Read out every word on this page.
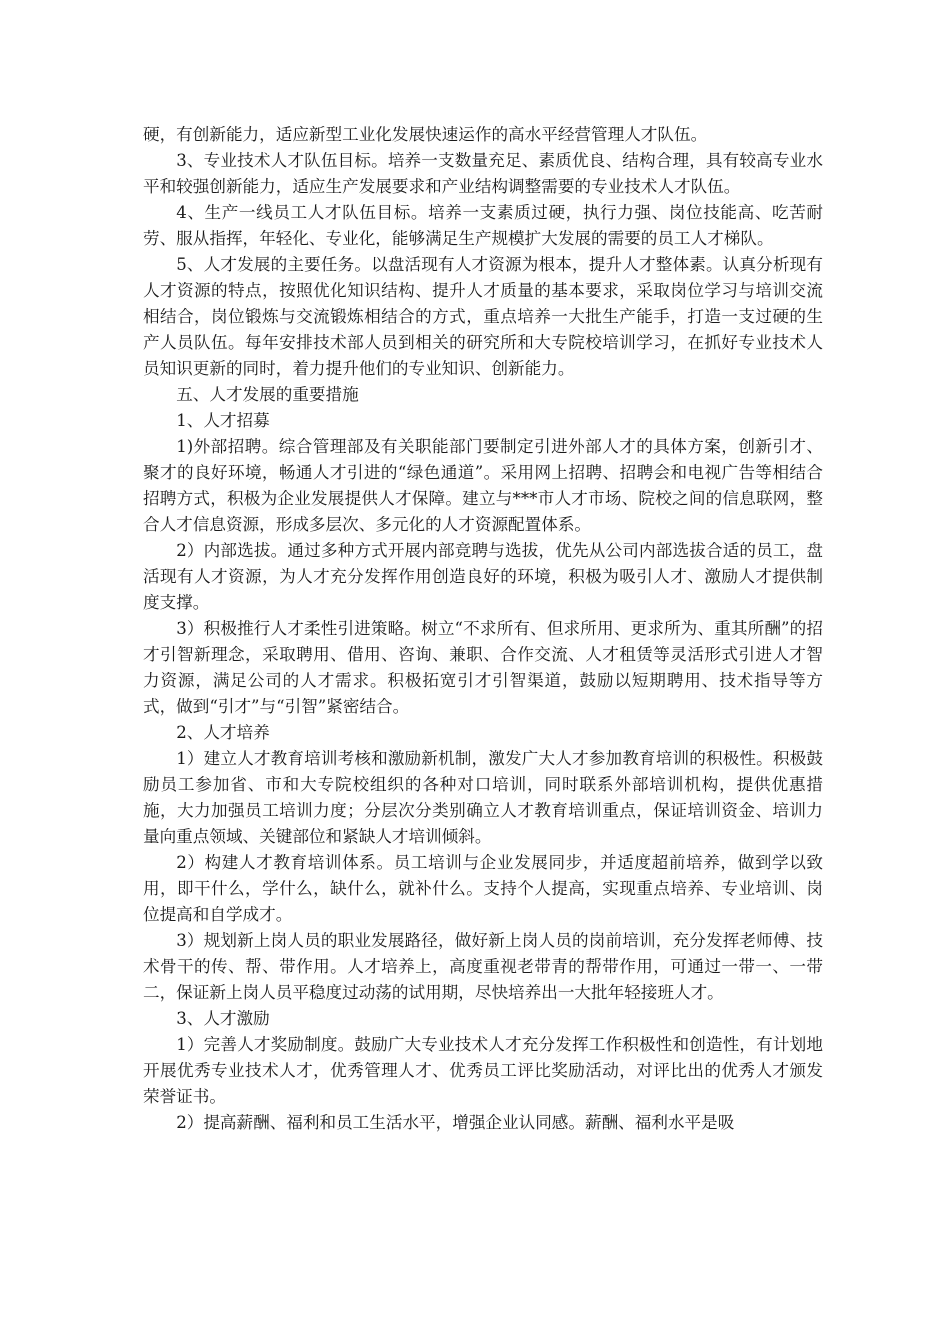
硬，有创新能力，适应新型工业化发展快速运作的高水平经营管理人才队伍。

3、专业技术人才队伍目标。培养一支数量充足、素质优良、结构合理，具有较高专业水平和较强创新能力，适应生产发展要求和产业结构调整需要的专业技术人才队伍。

4、生产一线员工人才队伍目标。培养一支素质过硬，执行力强、岗位技能高、吃苦耐劳、服从指挥，年轻化、专业化，能够满足生产规模扩大发展的需要的员工人才梯队。

5、人才发展的主要任务。以盘活现有人才资源为根本，提升人才整体素。认真分析现有人才资源的特点，按照优化知识结构、提升人才质量的基本要求，采取岗位学习与培训交流相结合，岗位锻炼与交流锻炼相结合的方式，重点培养一大批生产能手，打造一支过硬的生产人员队伍。每年安排技术部人员到相关的研究所和大专院校培训学习，在抓好专业技术人员知识更新的同时，着力提升他们的专业知识、创新能力。

五、人才发展的重要措施

1、人才招募

1)外部招聘。综合管理部及有关职能部门要制定引进外部人才的具体方案，创新引才、聚才的良好环境，畅通人才引进的“绿色通道”。采用网上招聘、招聘会和电视广告等相结合招聘方式，积极为企业发展提供人才保障。建立与***市人才市场、院校之间的信息联网，整合人才信息资源，形成多层次、多元化的人才资源配置体系。

2）内部选拔。通过多种方式开展内部竞聘与选拔，优先从公司内部选拔合适的员工，盘活现有人才资源，为人才充分发挥作用创造良好的环境，积极为吸引人才、激励人才提供制度支撑。

3）积极推行人才柔性引进策略。树立“不求所有、但求所用、更求所为、重其所酬”的招才引智新理念，采取聘用、借用、咨询、兼职、合作交流、人才租赁等灵活形式引进人才智力资源，满足公司的人才需求。积极拓宽引才引智渠道，鼓励以短期聘用、技术指导等方式，做到“引才”与“引智”紧密结合。

2、人才培养

1）建立人才教育培训考核和激励新机制，激发广大人才参加教育培训的积极性。积极鼓励员工参加省、市和大专院校组织的各种对口培训，同时联系外部培训机构，提供优惠措施，大力加强员工培训力度；分层次分类别确立人才教育培训重点，保证培训资金、培训力量向重点领域、关键部位和紧缺人才培训倾斜。

2）构建人才教育培训体系。员工培训与企业发展同步，并适度超前培养，做到学以致用，即干什么，学什么，缺什么，就补什么。支持个人提高，实现重点培养、专业培训、岗位提高和自学成才。

3）规划新上岗人员的职业发展路径，做好新上岗人员的岗前培训，充分发挥老师傅、技术骨干的传、帮、带作用。人才培养上，高度重视老带青的帮带作用，可通过一带一、一带二，保证新上岗人员平稳度过动荡的试用期，尽快培养出一大批年轻接班人才。

3、人才激励

1）完善人才奖励制度。鼓励广大专业技术人才充分发挥工作积极性和创造性，有计划地开展优秀专业技术人才，优秀管理人才、优秀员工评比奖励活动，对评比出的优秀人才颁发荣誉证书。

2）提高薪酬、福利和员工生活水平，增强企业认同感。薪酬、福利水平是吸
